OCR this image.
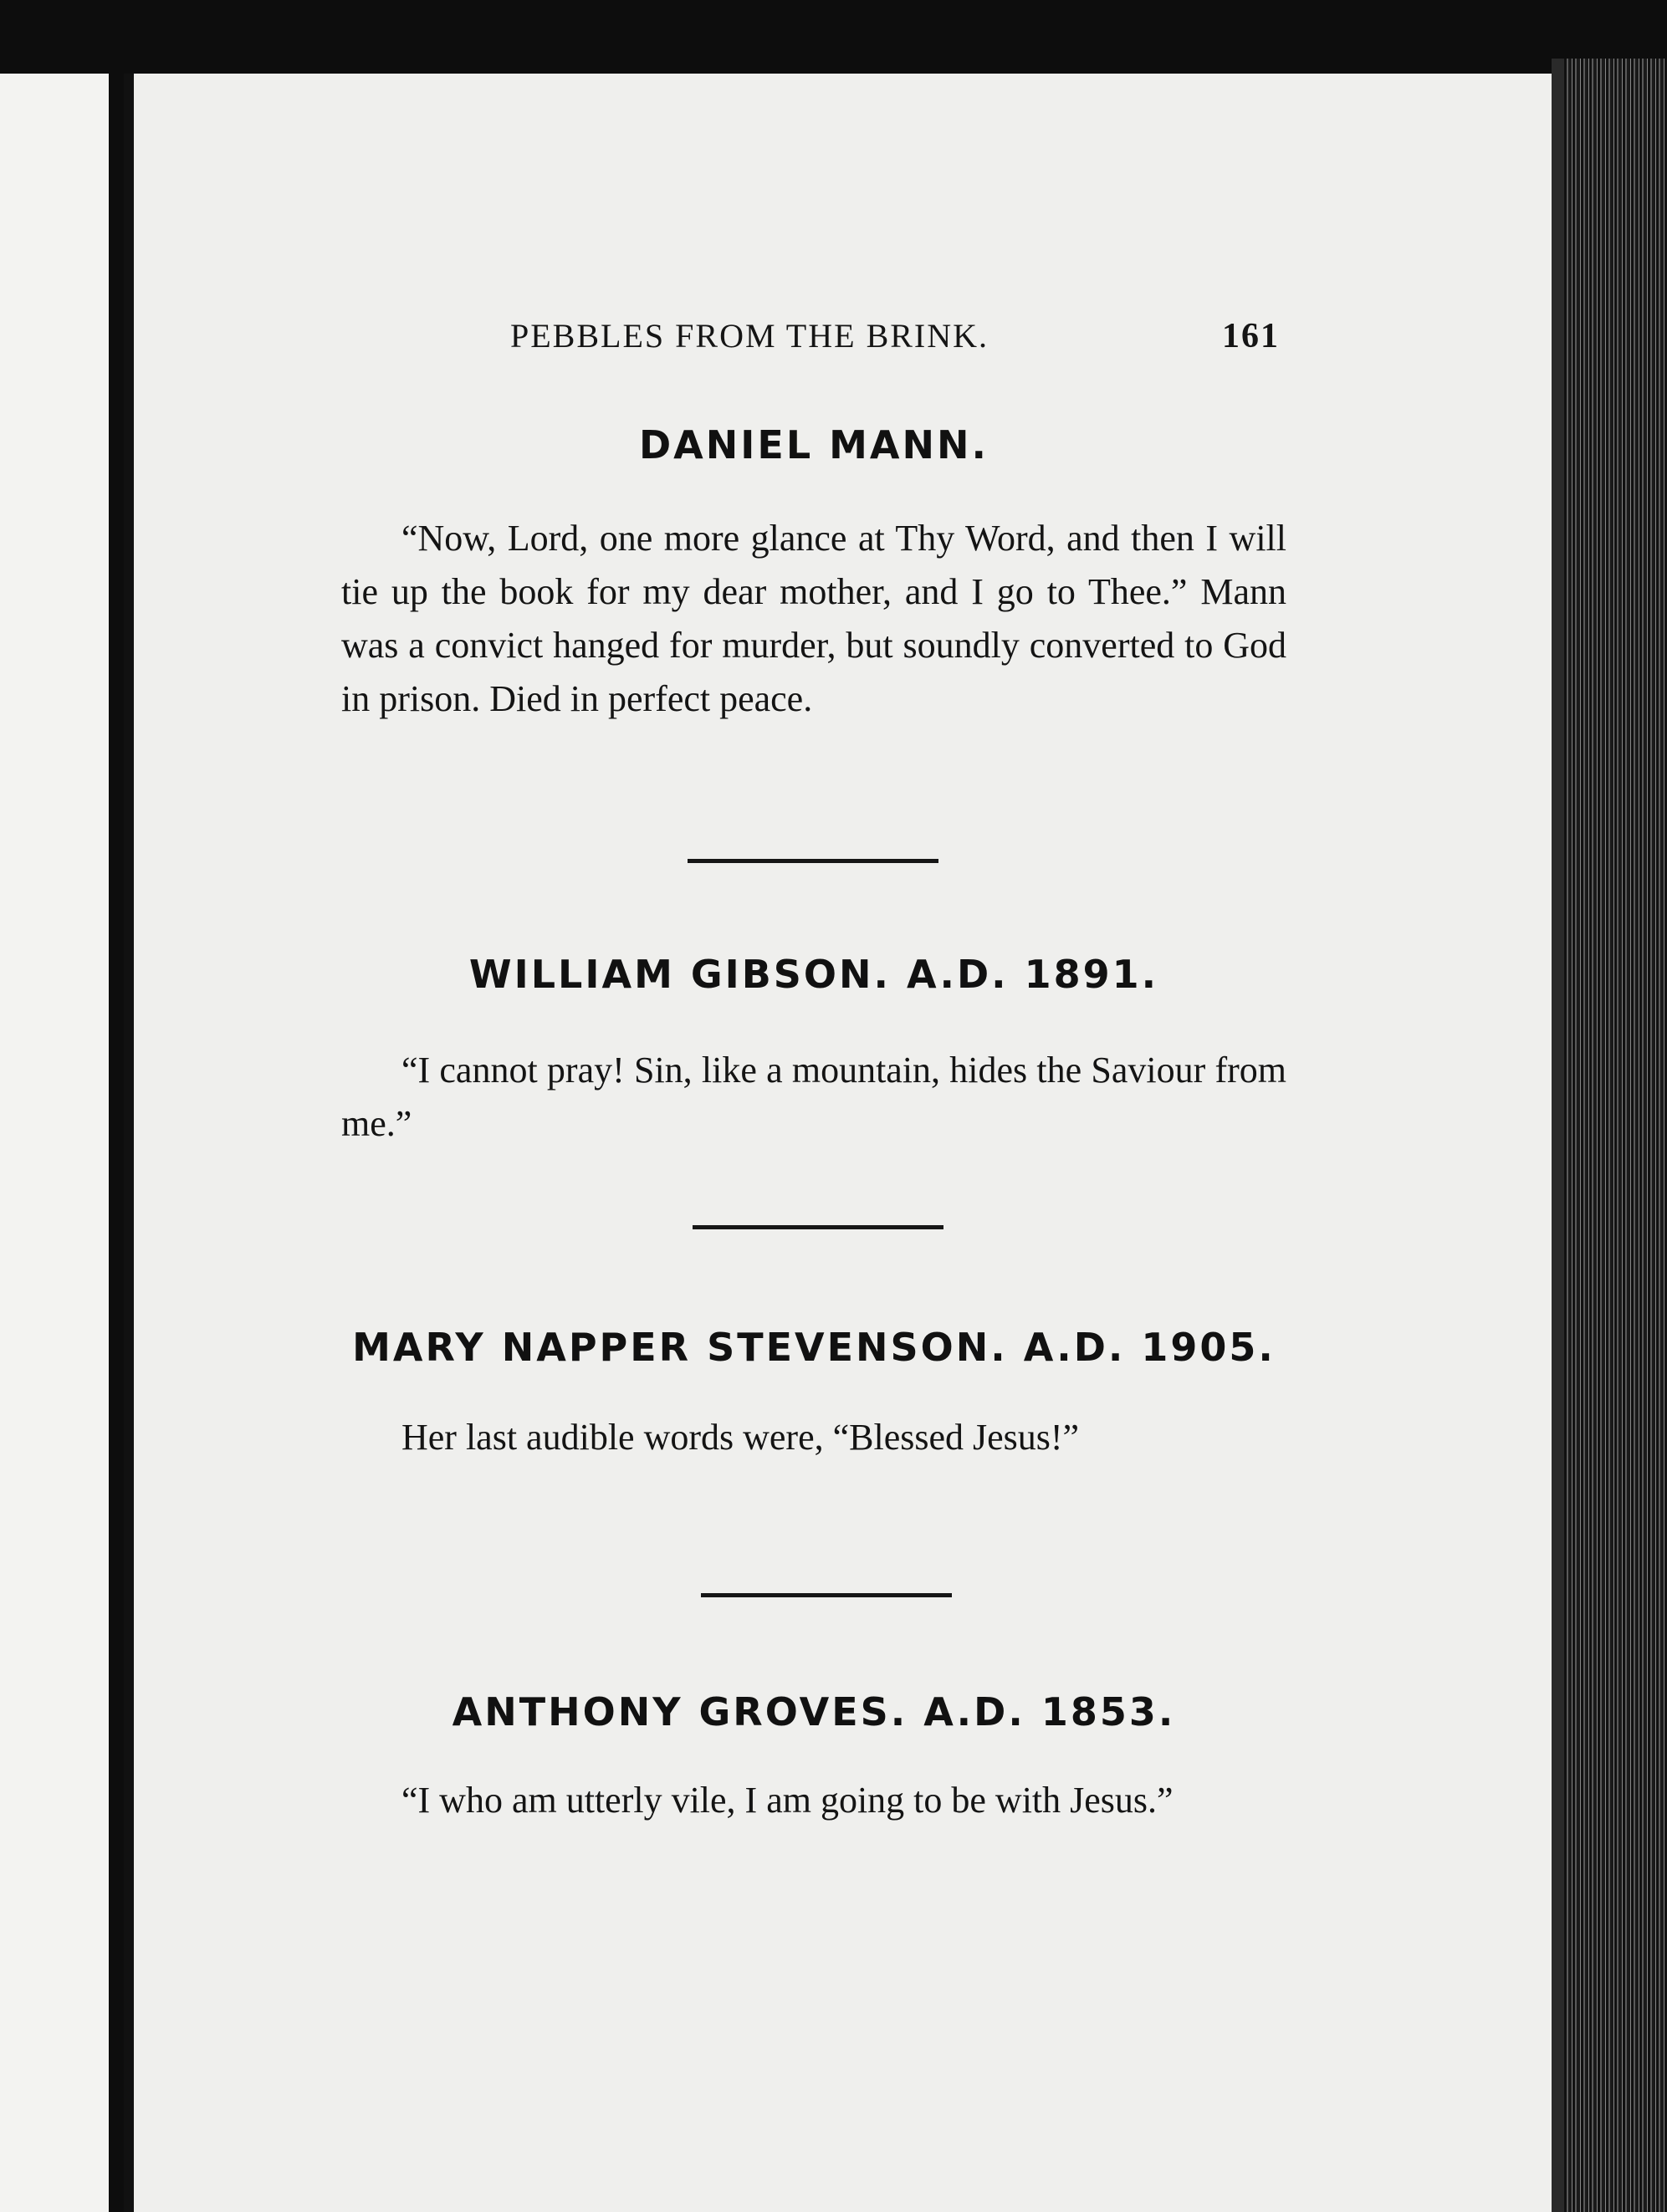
PEBBLES FROM THE BRINK.	161
DANIEL MANN.
“Now, Lord, one more glance at Thy Word, and then I will tie up the book for my dear mother, and I go to Thee.” Mann was a convict hanged for murder, but soundly converted to God in prison. Died in perfect peace.
WILLIAM GIBSON. A.D. 1891.
“I cannot pray! Sin, like a mountain, hides the Saviour from me.”
MARY NAPPER STEVENSON. A.D. 1905.
Her last audible words were, “Blessed Jesus!”
ANTHONY GROVES. A.D. 1853.
“I who am utterly vile, I am going to be with Jesus.”
